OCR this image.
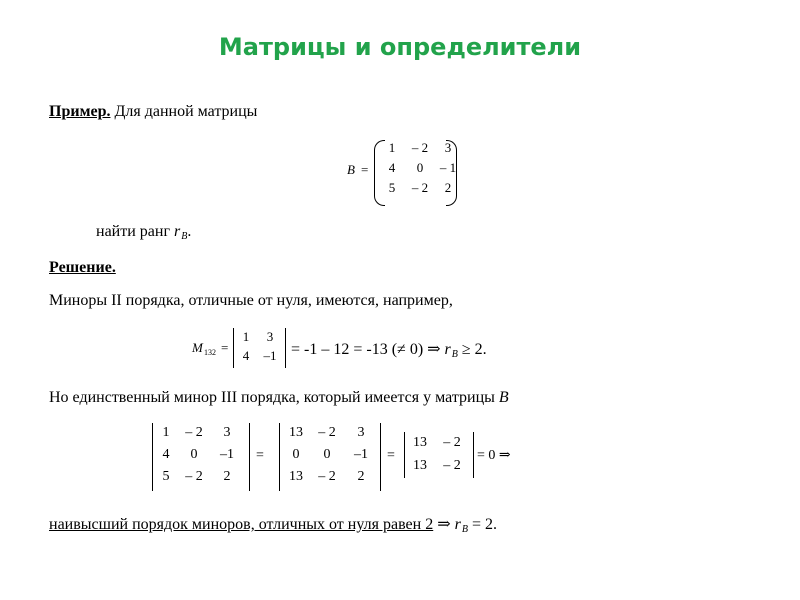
Матрицы и определители
Пример. Для данной матрицы
B =
1	– 2	3
4	0	– 1
5	– 2	2
найти ранг rB.
Решение.
Миноры II порядка, отличные от нуля, имеются, например,
M 132 =
1	3
4	–1 = -1 – 12 = -13 (≠ 0) ⇒ rB ≥ 2.
Но единственный минор III порядка, который имеется у матрицы B
1	– 2	3
4	0	–1
5	– 2	2
=
13	– 2	3
0	0	–1
13	– 2	2
=
13	– 2
13	– 2
= 0 ⇒
наивысший порядок миноров, отличных от нуля равен 2 ⇒ rB = 2.
